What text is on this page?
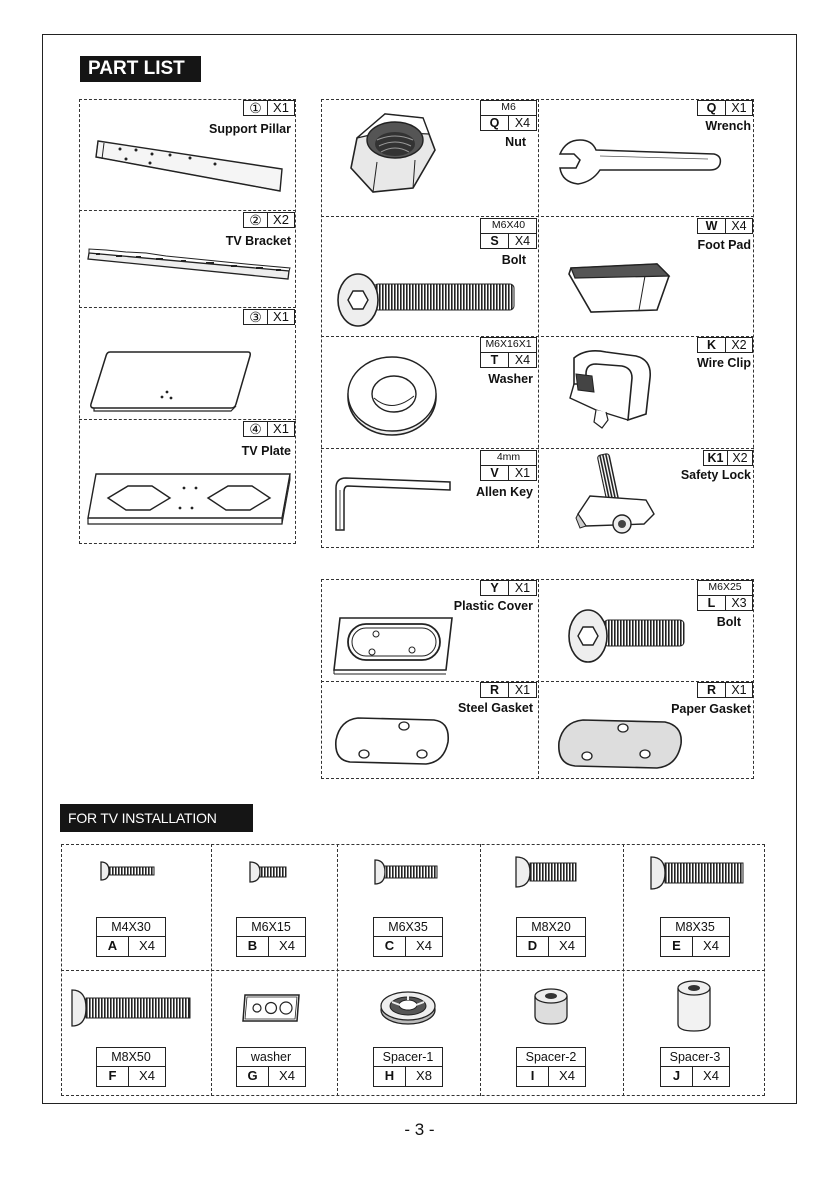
PART LIST
① X1
Support Pillar
② X2
TV Bracket
③ X1
④ X1
TV Plate
M6
Q	X4
Nut
Q	X1
Wrench
M6X40
S	X4
Bolt
W	X4
Foot Pad
M6X16X1
T	X4
Washer
K	X2
Wire Clip
4mm
V	X1
Allen Key
K1 X2
Safety Lock
Y	X1
Plastic Cover
M6X25
L	X3
Bolt
R	X1
Steel Gasket
R	X1
Paper Gasket
FOR TV INSTALLATION
M4X30
A	X4
M6X15
B	X4
M6X35
C	X4
M8X20
D	X4
M8X35
E	X4
M8X50
F	X4
washer
G	X4
Spacer-1
H	X8
Spacer-2
I	X4
Spacer-3
J	X4
- 3 -
